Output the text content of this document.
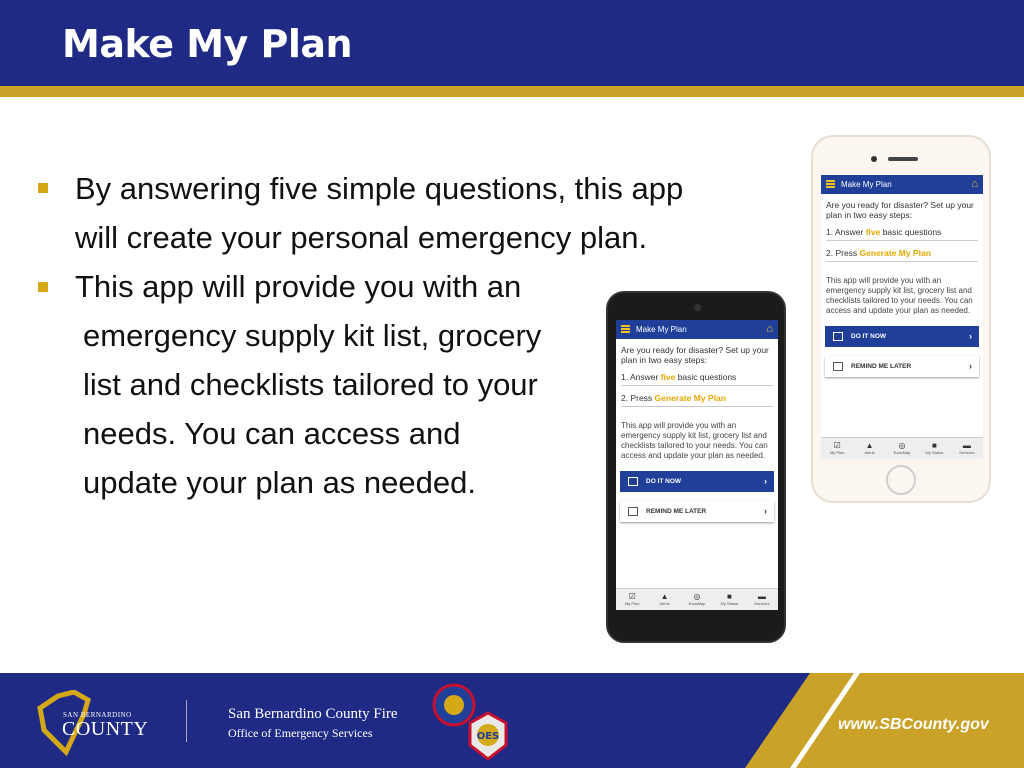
Make My Plan
By answering five simple questions, this app
will create your personal emergency plan.
This app will provide you with an
emergency supply kit list, grocery
list and checklists tailored to your
needs. You can access and
update your plan as needed.
Make My Plan	⌂
Are you ready for disaster? Set up your plan in two easy steps:
1. Answer five basic questions
2. Press Generate My Plan
This app will provide you with an emergency supply kit list, grocery list and checklists tailored to your needs. You can access and update your plan as needed.
DO IT NOW	›
REMIND ME LATER	›
☑
My Plan
▲
Alerts
◎
EvacMap
■
My Status
▬
Services
Make My Plan	⌂
Are you ready for disaster? Set up your plan in two easy steps:
1. Answer five basic questions
2. Press Generate My Plan
This app will provide you with an emergency supply kit list, grocery list and checklists tailored to your needs. You can access and update your plan as needed.
DO IT NOW	›
REMIND ME LATER	›
☑
My Plan
▲
Alerts
◎
EvacMap
■
My Status
▬
Services
SAN BERNARDINO
COUNTY
San Bernardino County Fire
Office of Emergency Services	OES
www.SBCounty.gov
